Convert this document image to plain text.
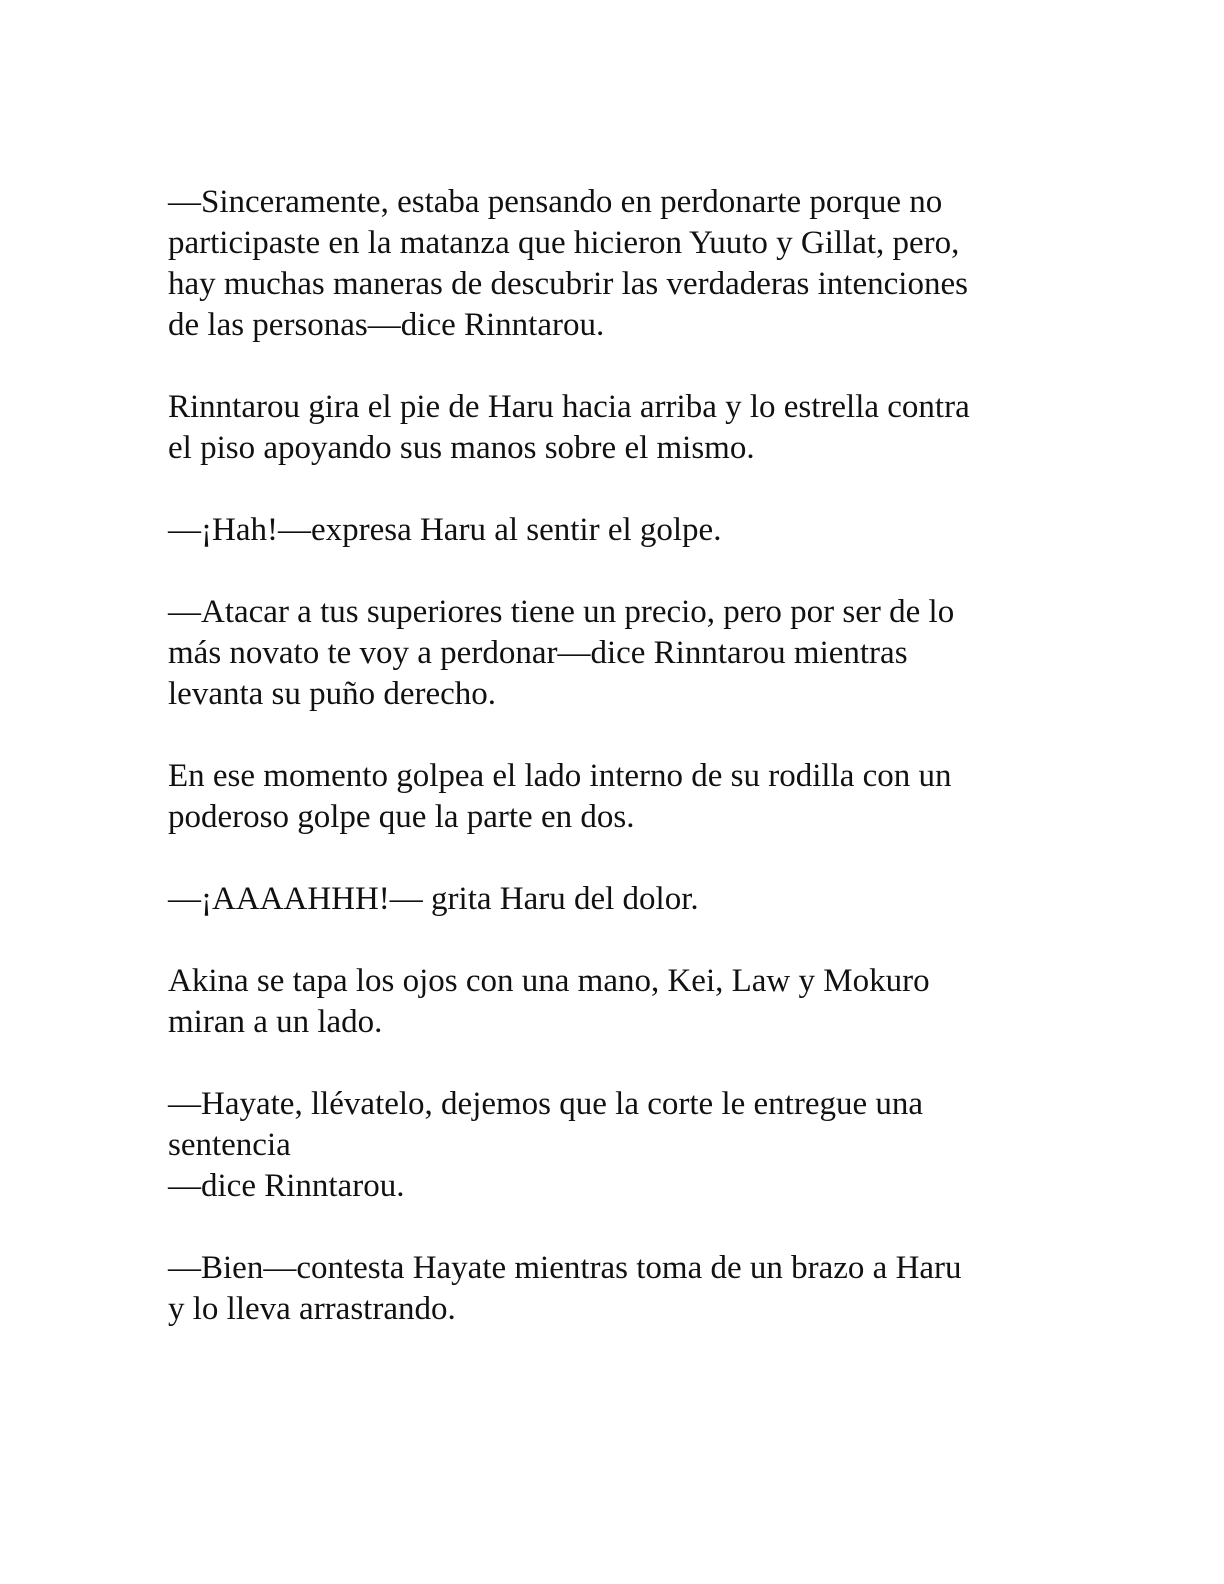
—Sinceramente, estaba pensando en perdonarte porque no
participaste en la matanza que hicieron Yuuto y Gillat, pero,
hay muchas maneras de descubrir las verdaderas intenciones
de las personas—dice Rinntarou.

Rinntarou gira el pie de Haru hacia arriba y lo estrella contra
el piso apoyando sus manos sobre el mismo.

—¡Hah!—expresa Haru al sentir el golpe.

—Atacar a tus superiores tiene un precio, pero por ser de lo
más novato te voy a perdonar—dice Rinntarou mientras
levanta su puño derecho.

En ese momento golpea el lado interno de su rodilla con un
poderoso golpe que la parte en dos.

—¡AAAAHHH!— grita Haru del dolor.

Akina se tapa los ojos con una mano, Kei, Law y Mokuro
miran a un lado.

—Hayate, llévatelo, dejemos que la corte le entregue una
sentencia
—dice Rinntarou.

—Bien—contesta Hayate mientras toma de un brazo a Haru
y lo lleva arrastrando.
